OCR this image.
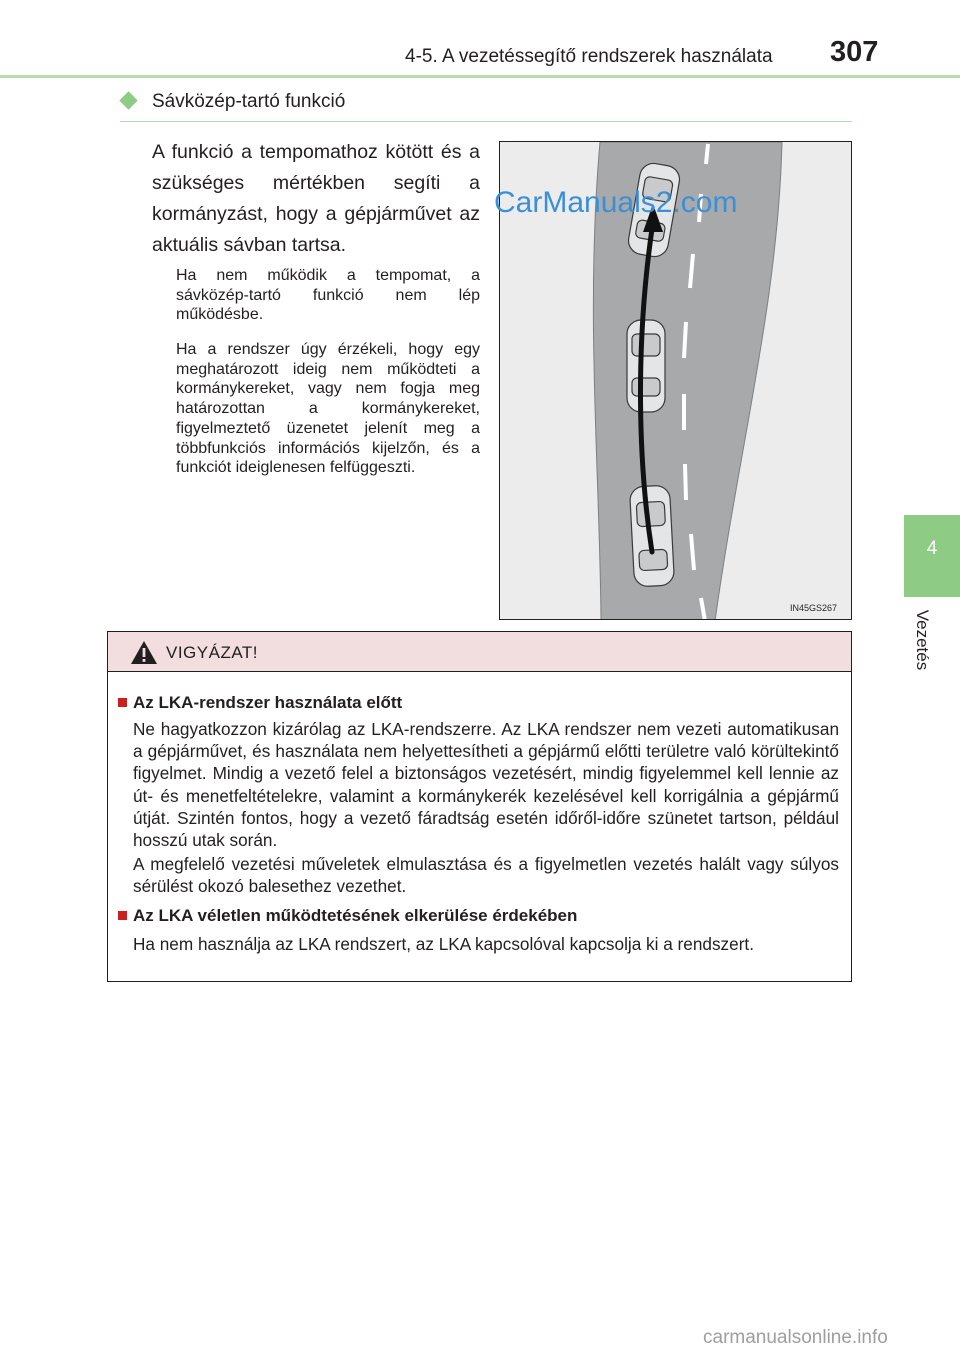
4-5. A vezetéssegítő rendszerek használata 307
4
Vezetés
Sávközép-tartó funkció
A funkció a tempomathoz kötött és a szükséges mértékben segíti a kormányzást, hogy a gépjárművet az aktuális sávban tartsa.
Ha nem működik a tempomat, a sávközép-tartó funkció nem lép működésbe.
Ha a rendszer úgy érzékeli, hogy egy meghatározott ideig nem működteti a kormánykereket, vagy nem fogja meg határozottan a kormánykereket, figyelmeztető üzenetet jelenít meg a többfunkciós információs kijelzőn, és a funkciót ideiglenesen felfüggeszti.
IN45GS267
CarManuals2.com
VIGYÁZAT!
Az LKA-rendszer használata előtt
Ne hagyatkozzon kizárólag az LKA-rendszerre. Az LKA rendszer nem vezeti automatikusan a gépjárművet, és használata nem helyettesítheti a gépjármű előtti területre való körültekintő figyelmet. Mindig a vezető felel a biztonságos vezetésért, mindig figyelemmel kell lennie az út- és menetfeltételekre, valamint a kormánykerék kezelésével kell korrigálnia a gépjármű útját. Szintén fontos, hogy a vezető fáradtság esetén időről-időre szünetet tartson, például hosszú utak során.
A megfelelő vezetési műveletek elmulasztása és a figyelmetlen vezetés halált vagy súlyos sérülést okozó balesethez vezethet.
Az LKA véletlen működtetésének elkerülése érdekében
Ha nem használja az LKA rendszert, az LKA kapcsolóval kapcsolja ki a rendszert.
carmanualsonline.info
